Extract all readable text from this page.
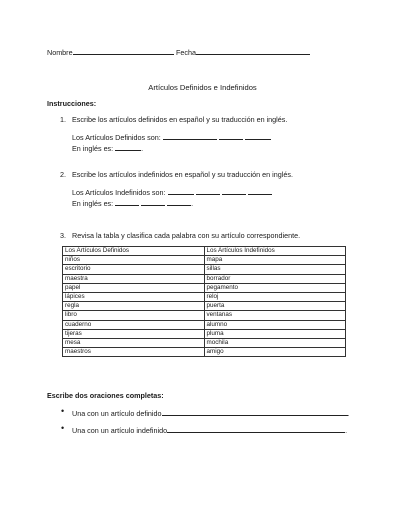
Nombre	Fecha
Artículos Definidos e Indefinidos
Instrucciones:
1. Escribe los artículos definidos en español y su traducción en inglés.
Los Artículos Definidos son:
En inglés es:	.
2. Escribe los artículos indefinidos en español y su traducción en inglés.
Los Artículos Indefinidos son:
En inglés es:	.
3. Revisa la tabla y clasifica cada palabra con su artículo correspondiente.
Los Artículos Definidos	Los Artículos Indefinidos
niños	mapa
escritorio	sillas
maestra	borrador
papel	pegamento
lápices	reloj
regla	puerta
libro	ventanas
cuaderno	alumno
tijeras	pluma
mesa	mochila
maestros	amigo
Escribe dos oraciones completas:
• Una con un artículo definido	.
• Una con un artículo indefinido	.
